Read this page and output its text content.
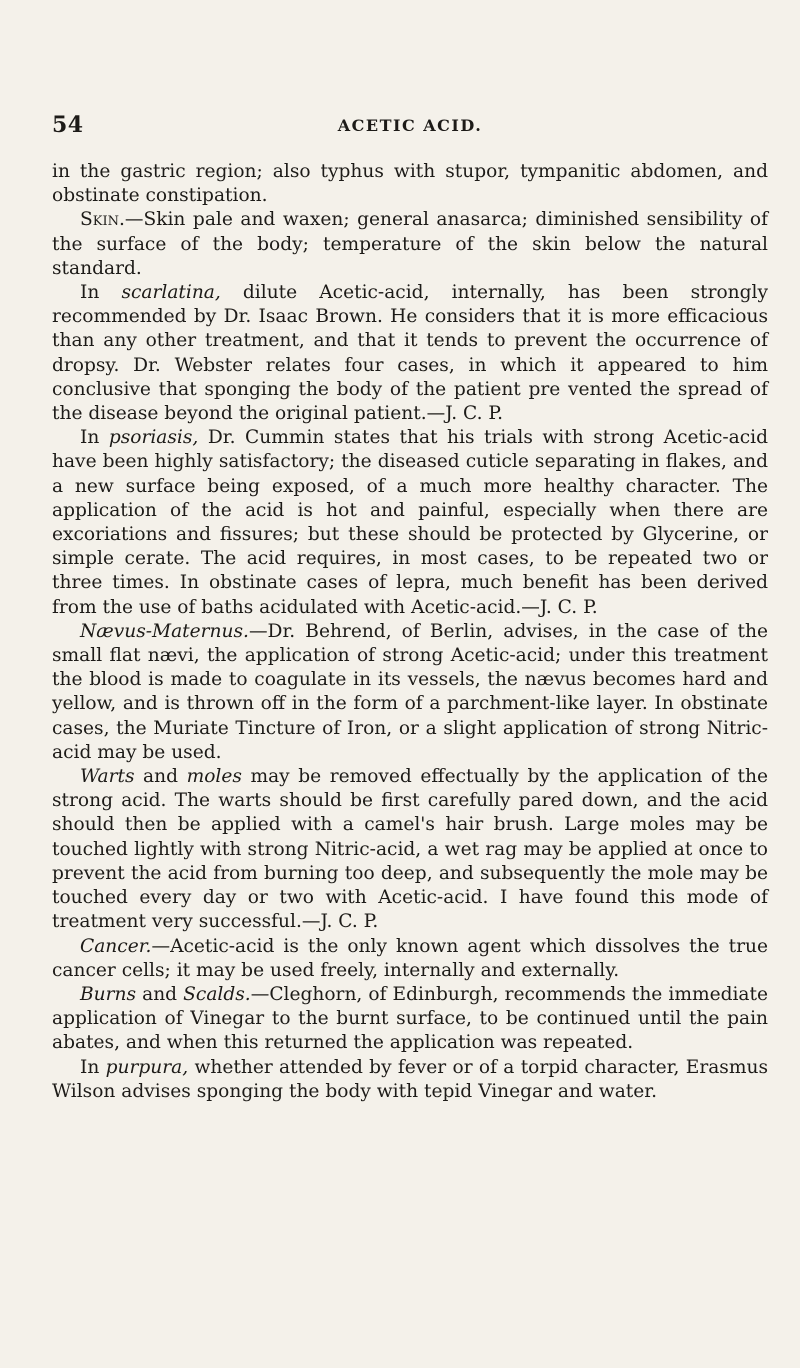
54	ACETIC ACID.

in the gastric region; also typhus with stupor, tympanitic abdomen, and obstinate constipation.

Skin.—Skin pale and waxen; general anasarca; diminished sensibility of the surface of the body; temperature of the skin below the natural standard.

In scarlatina, dilute Acetic-acid, internally, has been strongly recommended by Dr. Isaac Brown. He considers that it is more efficacious than any other treatment, and that it tends to prevent the occurrence of dropsy. Dr. Webster relates four cases, in which it appeared to him conclusive that sponging the body of the patient pre vented the spread of the disease beyond the original patient.—J. C. P.

In psoriasis, Dr. Cummin states that his trials with strong Acetic-acid have been highly satisfactory; the diseased cuticle separating in flakes, and a new surface being exposed, of a much more healthy character. The application of the acid is hot and painful, especially when there are excoriations and fissures; but these should be protected by Glycerine, or simple cerate. The acid requires, in most cases, to be repeated two or three times. In obstinate cases of lepra, much benefit has been derived from the use of baths acidulated with Acetic-acid.—J. C. P.

Nævus-Maternus.—Dr. Behrend, of Berlin, advises, in the case of the small flat nævi, the application of strong Acetic-acid; under this treatment the blood is made to coagulate in its vessels, the nævus becomes hard and yellow, and is thrown off in the form of a parchment-like layer. In obstinate cases, the Muriate Tincture of Iron, or a slight application of strong Nitric-acid may be used.

Warts and moles may be removed effectually by the application of the strong acid. The warts should be first carefully pared down, and the acid should then be applied with a camel's hair brush. Large moles may be touched lightly with strong Nitric-acid, a wet rag may be applied at once to prevent the acid from burning too deep, and subsequently the mole may be touched every day or two with Acetic-acid. I have found this mode of treatment very successful.—J. C. P.

Cancer.—Acetic-acid is the only known agent which dissolves the true cancer cells; it may be used freely, internally and externally.

Burns and Scalds.—Cleghorn, of Edinburgh, recommends the immediate application of Vinegar to the burnt surface, to be continued until the pain abates, and when this returned the application was repeated.

In purpura, whether attended by fever or of a torpid character, Erasmus Wilson advises sponging the body with tepid Vinegar and water.
